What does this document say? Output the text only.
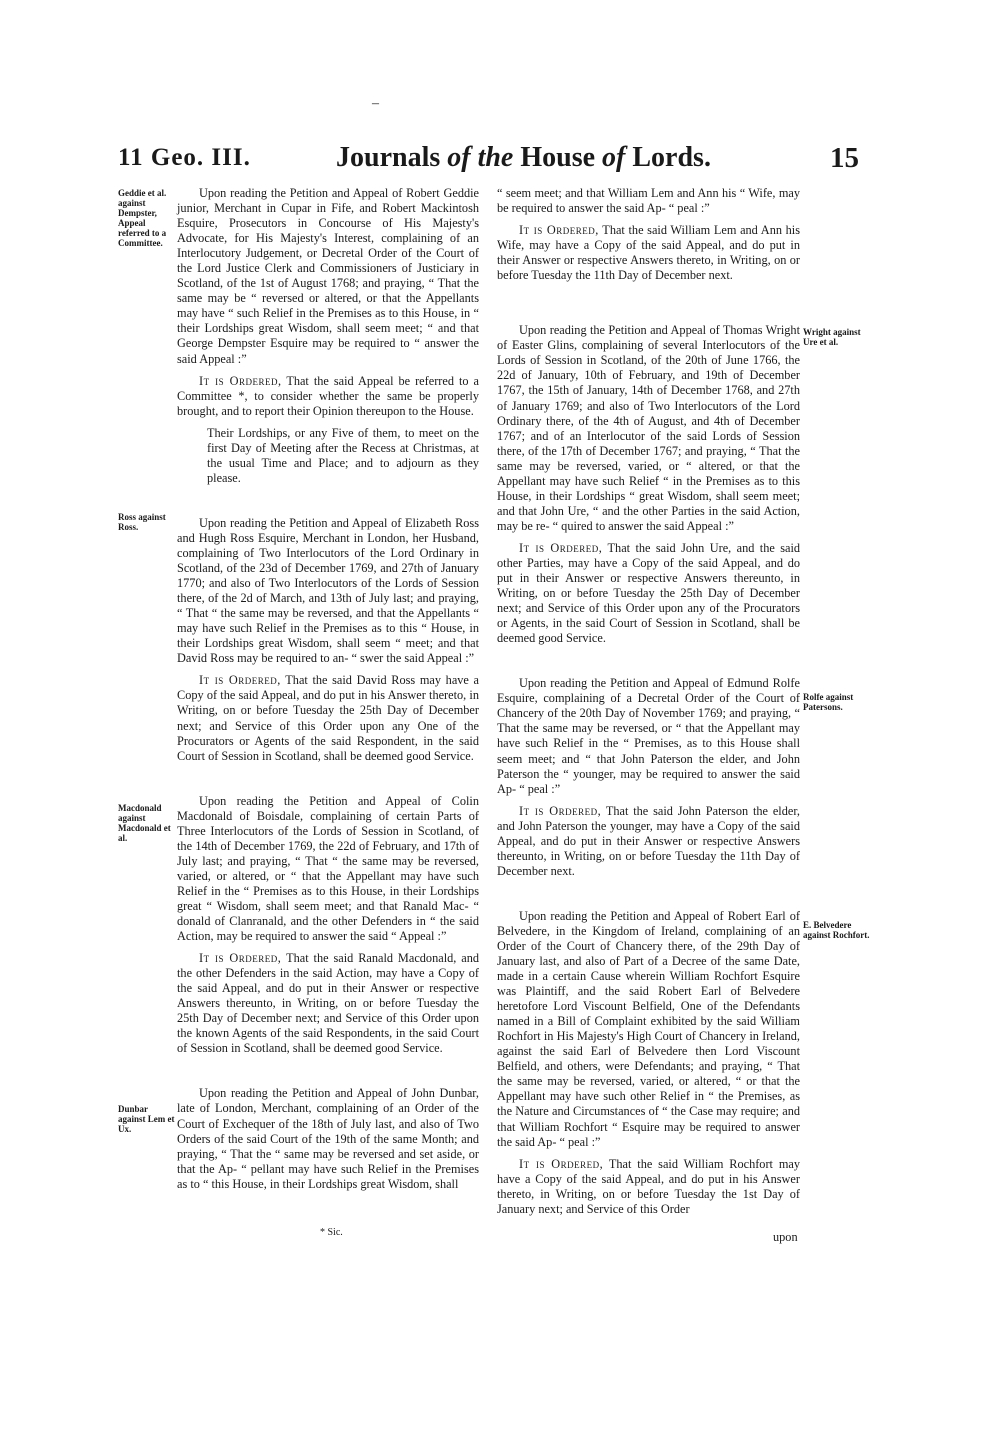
–
11 Geo. III.	Journals of the House of Lords.	15
Geddie et al. against Dempster, Appeal referred to a Committee.
Ross against Ross.
Macdonald against Macdonald et al.
Dunbar against Lem et Ux.
Wright against Ure et al.
Rolfe against Patersons.
E. Belvedere against Rochfort.

Upon reading the Petition and Appeal of Robert Geddie junior, Merchant in Cupar in Fife, and Robert Mackintosh Esquire, Prosecutors in Concourse of His Majesty's Advocate, for His Majesty's Interest, complaining of an Interlocutory Judgement, or Decretal Order of the Court of the Lord Justice Clerk and Commissioners of Justiciary in Scotland, of the 1st of August 1768; and praying, “ That the same may be “ reversed or altered, or that the Appellants may have “ such Relief in the Premises as to this House, in “ their Lordships great Wisdom, shall seem meet; “ and that George Dempster Esquire may be required to “ answer the said Appeal :”

It is Ordered, That the said Appeal be referred to a Committee *, to consider whether the same be properly brought, and to report their Opinion thereupon to the House.

Their Lordships, or any Five of them, to meet on the first Day of Meeting after the Recess at Christmas, at the usual Time and Place; and to adjourn as they please.

Upon reading the Petition and Appeal of Elizabeth Ross and Hugh Ross Esquire, Merchant in London, her Husband, complaining of Two Interlocutors of the Lord Ordinary in Scotland, of the 23d of December 1769, and 27th of January 1770; and also of Two Interlocutors of the Lords of Session there, of the 2d of March, and 13th of July last; and praying, “ That “ the same may be reversed, and that the Appellants “ may have such Relief in the Premises as to this “ House, in their Lordships great Wisdom, shall seem “ meet; and that David Ross may be required to an- “ swer the said Appeal :”

It is Ordered, That the said David Ross may have a Copy of the said Appeal, and do put in his Answer thereto, in Writing, on or before Tuesday the 25th Day of December next; and Service of this Order upon any One of the Procurators or Agents of the said Respondent, in the said Court of Session in Scotland, shall be deemed good Service.

Upon reading the Petition and Appeal of Colin Macdonald of Boisdale, complaining of certain Parts of Three Interlocutors of the Lords of Session in Scotland, of the 14th of December 1769, the 22d of February, and 17th of July last; and praying, “ That “ the same may be reversed, varied, or altered, or “ that the Appellant may have such Relief in the “ Premises as to this House, in their Lordships great “ Wisdom, shall seem meet; and that Ranald Mac- “ donald of Clanranald, and the other Defenders in “ the said Action, may be required to answer the said “ Appeal :”

It is Ordered, That the said Ranald Macdonald, and the other Defenders in the said Action, may have a Copy of the said Appeal, and do put in their Answer or respective Answers thereunto, in Writing, on or before Tuesday the 25th Day of December next; and Service of this Order upon the known Agents of the said Respondents, in the said Court of Session in Scotland, shall be deemed good Service.

Upon reading the Petition and Appeal of John Dunbar, late of London, Merchant, complaining of an Order of the Court of Exchequer of the 18th of July last, and also of Two Orders of the said Court of the 19th of the same Month; and praying, “ That the “ same may be reversed and set aside, or that the Ap- “ pellant may have such Relief in the Premises as to “ this House, in their Lordships great Wisdom, shall

“ seem meet; and that William Lem and Ann his “ Wife, may be required to answer the said Ap- “ peal :”

It is Ordered, That the said William Lem and Ann his Wife, may have a Copy of the said Appeal, and do put in their Answer or respective Answers thereto, in Writing, on or before Tuesday the 11th Day of December next.

Upon reading the Petition and Appeal of Thomas Wright of Easter Glins, complaining of several Interlocutors of the Lords of Session in Scotland, of the 20th of June 1766, the 22d of January, 10th of February, and 19th of December 1767, the 15th of January, 14th of December 1768, and 27th of January 1769; and also of Two Interlocutors of the Lord Ordinary there, of the 4th of August, and 4th of December 1767; and of an Interlocutor of the said Lords of Session there, of the 17th of December 1767; and praying, “ That the same may be reversed, varied, or “ altered, or that the Appellant may have such Relief “ in the Premises as to this House, in their Lordships “ great Wisdom, shall seem meet; and that John Ure, “ and the other Parties in the said Action, may be re- “ quired to answer the said Appeal :”

It is Ordered, That the said John Ure, and the said other Parties, may have a Copy of the said Appeal, and do put in their Answer or respective Answers thereunto, in Writing, on or before Tuesday the 25th Day of December next; and Service of this Order upon any of the Procurators or Agents, in the said Court of Session in Scotland, shall be deemed good Service.

Upon reading the Petition and Appeal of Edmund Rolfe Esquire, complaining of a Decretal Order of the Court of Chancery of the 20th Day of November 1769; and praying, “ That the same may be reversed, or “ that the Appellant may have such Relief in the “ Premises, as to this House shall seem meet; and “ that John Paterson the elder, and John Paterson the “ younger, may be required to answer the said Ap- “ peal :”

It is Ordered, That the said John Paterson the elder, and John Paterson the younger, may have a Copy of the said Appeal, and do put in their Answer or respective Answers thereunto, in Writing, on or before Tuesday the 11th Day of December next.

Upon reading the Petition and Appeal of Robert Earl of Belvedere, in the Kingdom of Ireland, complaining of an Order of the Court of Chancery there, of the 29th Day of January last, and also of Part of a Decree of the same Date, made in a certain Cause wherein William Rochfort Esquire was Plaintiff, and the said Robert Earl of Belvedere heretofore Lord Viscount Belfield, One of the Defendants named in a Bill of Complaint exhibited by the said William Rochfort in His Majesty's High Court of Chancery in Ireland, against the said Earl of Belvedere then Lord Viscount Belfield, and others, were Defendants; and praying, “ That the same may be reversed, varied, or altered, “ or that the Appellant may have such other Relief in “ the Premises, as the Nature and Circumstances of “ the Case may require; and that William Rochfort “ Esquire may be required to answer the said Ap- “ peal :”

It is Ordered, That the said William Rochfort may have a Copy of the said Appeal, and do put in his Answer thereto, in Writing, on or before Tuesday the 1st Day of January next; and Service of this Order

* Sic.	upon
